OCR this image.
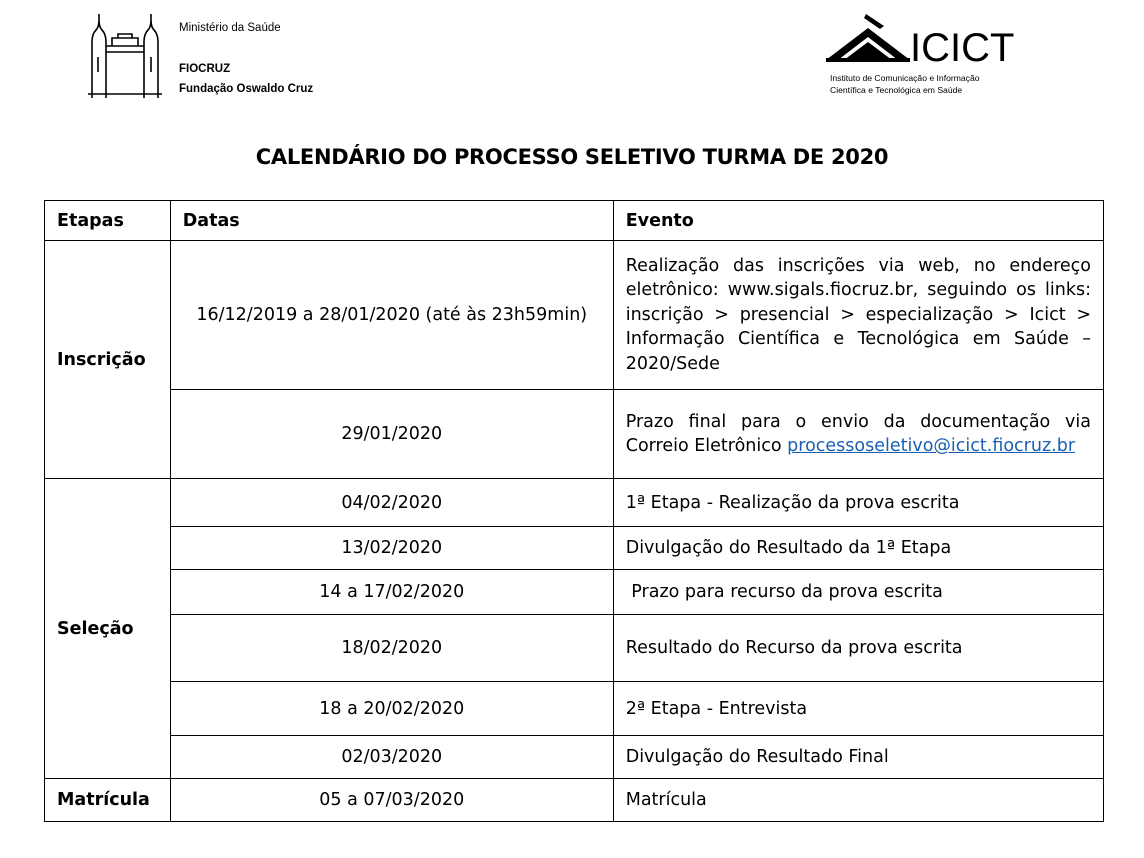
Ministério da Saúde
FIOCRUZ
Fundação Oswaldo Cruz
ICICT
Instituto de Comunicação e Informação
Científica e Tecnológica em Saúde
CALENDÁRIO DO PROCESSO SELETIVO TURMA DE 2020
Etapas	Datas	Evento
Inscrição	16/12/2019 a 28/01/2020 (até às 23h59min)	Realização das inscrições via web, no endereço eletrônico: www.sigals.fiocruz.br, seguindo os links: inscrição > presencial > especialização > Icict > Informação Científica e Tecnológica em Saúde – 2020/Sede
	29/01/2020	Prazo final para o envio da documentação via Correio Eletrônico processoseletivo@icict.fiocruz.br
Seleção	04/02/2020	1ª Etapa - Realização da prova escrita
	13/02/2020	Divulgação do Resultado da 1ª Etapa
	14 a 17/02/2020	Prazo para recurso da prova escrita
	18/02/2020	Resultado do Recurso da prova escrita
	18 a 20/02/2020	2ª Etapa - Entrevista
	02/03/2020	Divulgação do Resultado Final
Matrícula	05 a 07/03/2020	Matrícula
